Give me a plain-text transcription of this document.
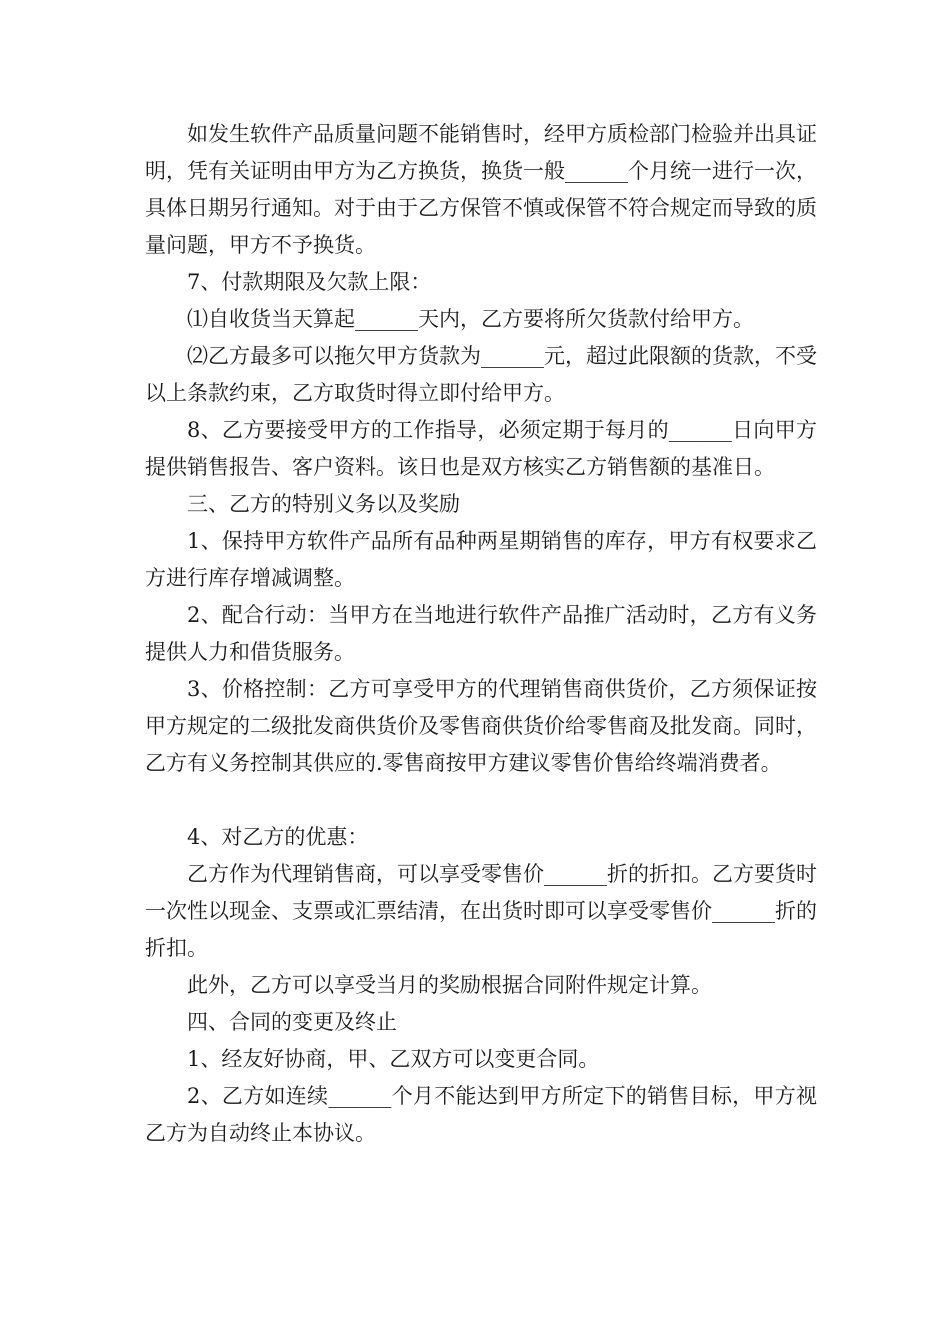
如发生软件产品质量问题不能销售时，经甲方质检部门检验并出具证明，凭有关证明由甲方为乙方换货，换货一般______个月统一进行一次，具体日期另行通知。对于由于乙方保管不慎或保管不符合规定而导致的质量问题，甲方不予换货。

7、付款期限及欠款上限：

⑴自收货当天算起______天内，乙方要将所欠货款付给甲方。

⑵乙方最多可以拖欠甲方货款为______元，超过此限额的货款，不受以上条款约束，乙方取货时得立即付给甲方。

8、乙方要接受甲方的工作指导，必须定期于每月的______日向甲方提供销售报告、客户资料。该日也是双方核实乙方销售额的基准日。

三、乙方的特别义务以及奖励

1、保持甲方软件产品所有品种两星期销售的库存，甲方有权要求乙方进行库存增减调整。

2、配合行动：当甲方在当地进行软件产品推广活动时，乙方有义务提供人力和借货服务。

3、价格控制：乙方可享受甲方的代理销售商供货价，乙方须保证按甲方规定的二级批发商供货价及零售商供货价给零售商及批发商。同时，乙方有义务控制其供应的.零售商按甲方建议零售价售给终端消费者。

4、对乙方的优惠：

乙方作为代理销售商，可以享受零售价______折的折扣。乙方要货时一次性以现金、支票或汇票结清，在出货时即可以享受零售价______折的折扣。

此外，乙方可以享受当月的奖励根据合同附件规定计算。

四、合同的变更及终止

1、经友好协商，甲、乙双方可以变更合同。

2、乙方如连续______个月不能达到甲方所定下的销售目标，甲方视乙方为自动终止本协议。
